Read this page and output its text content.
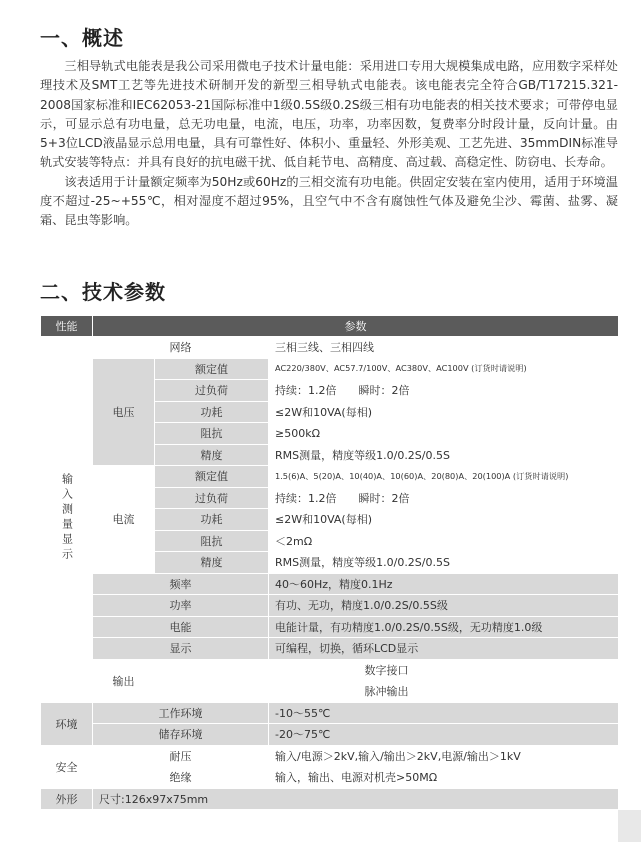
一、概述

三相导轨式电能表是我公司采用微电子技术计量电能：采用进口专用大规模集成电路，应用数字采样处理技术及SMT工艺等先进技术研制开发的新型三相导轨式电能表。该电能表完全符合GB/T17215.321-2008国家标准和IEC62053-21国际标准中1级0.5S级0.2S级三相有功电能表的相关技术要求；可带停电显示，可显示总有功电量，总无功电量，电流，电压，功率，功率因数，复费率分时段计量，反向计量。由5+3位LCD液晶显示总用电量，具有可靠性好、体积小、重量轻、外形美观、工艺先进、35mmDIN标准导轨式安装等特点：并具有良好的抗电磁干扰、低自耗节电、高精度、高过载、高稳定性、防窃电、长寿命。

该表适用于计量额定频率为50Hz或60Hz的三相交流有功电能。供固定安装在室内使用，适用于环境温度不超过-25~+55℃，相对湿度不超过95%，且空气中不含有腐蚀性气体及避免尘沙、霉菌、盐雾、凝霜、昆虫等影响。

二、技术参数
性能	参数			
输入测量显示	网络		三相三线、三相四线	
	电压	额定值	AC220/380V、AC57.7/100V、AC380V、AC100V (订货时请说明)	
		过负荷	持续：1.2倍　　瞬时：2倍	
		功耗	≤2W和10VA(每相)	
		阻抗	≥500kΩ	
		精度	RMS测量，精度等级1.0/0.2S/0.5S	
	电流	额定值	1.5(6)A、5(20)A、10(40)A、10(60)A、20(80)A、20(100)A (订货时请说明)	
		过负荷	持续：1.2倍　　瞬时：2倍	
		功耗	≤2W和10VA(每相)	
		阻抗	＜2mΩ	
		精度	RMS测量，精度等级1.0/0.2S/0.5S	
	频率		40～60Hz，精度0.1Hz	
	功率		有功、无功，精度1.0/0.2S/0.5S级	
	电能		电能计量，有功精度1.0/0.2S/0.5S级，无功精度1.0级	
	显示		可编程，切换，循环LCD显示	
	输出	数字接口	
		脉冲输出	
环境	工作环境		-10～55℃	
	储存环境		-20～75℃	
安全	耐压		输入/电源＞2kV,输入/输出＞2kV,电源/输出＞1kV	
	绝缘		输入，输出、电源对机壳>50MΩ	
外形	尺寸:126x97x75mm			
